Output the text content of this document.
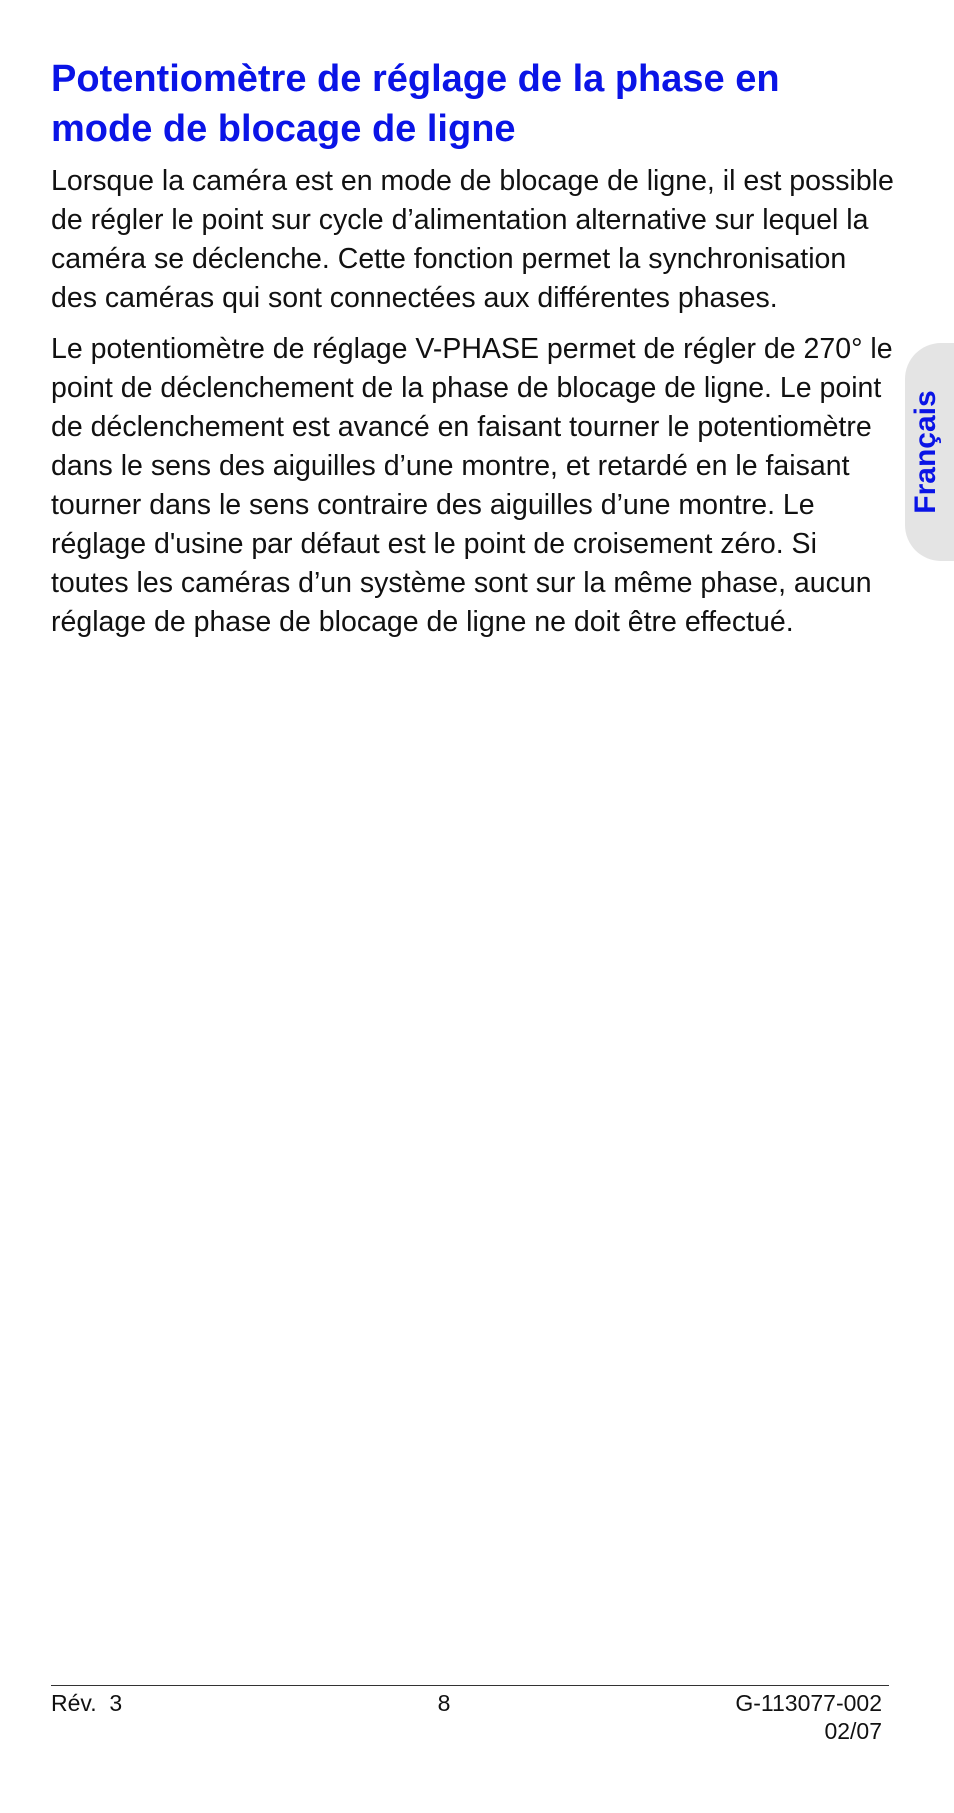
Potentiomètre de réglage de la phase en mode de blocage de ligne

Lorsque la caméra est en mode de blocage de ligne, il est possible de régler le point sur cycle d’alimentation alternative sur lequel la caméra se déclenche. Cette fonction permet la synchronisation des caméras qui sont connectées aux différentes phases.

Le potentiomètre de réglage V-PHASE permet de régler de 270° le point de déclenchement de la phase de blocage de ligne. Le point de déclenchement est avancé en faisant tourner le potentiomètre dans le sens des aiguilles d’une montre, et retardé en le faisant tourner dans le sens contraire des aiguilles d’une montre. Le réglage d'usine par défaut est le point de croisement zéro. Si toutes les caméras d’un système sont sur la même phase, aucun réglage de phase de blocage de ligne ne doit être effectué.

Français
Rév.  3	8	G-113077-002
02/07
